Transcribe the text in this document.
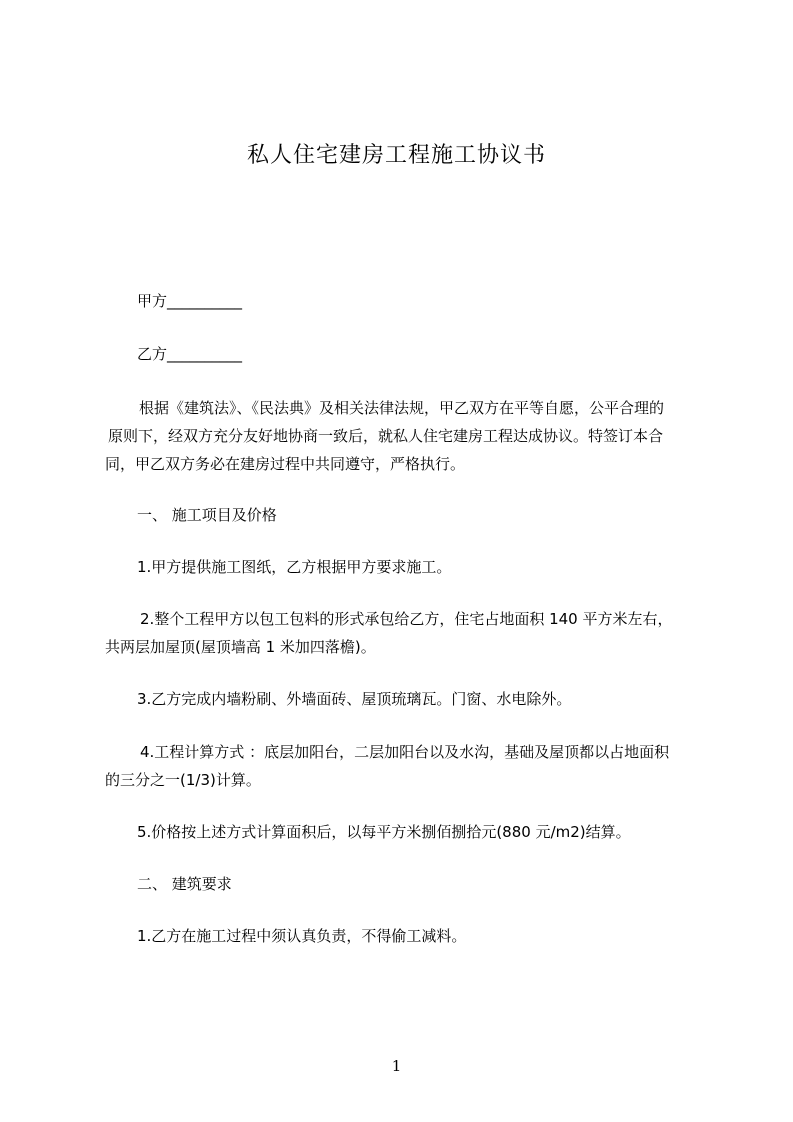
私人住宅建房工程施工协议书
甲方__________
乙方__________
根据《建筑法》、《民法典》及相关法律法规，甲乙双方在平等自愿，公平合理的
原则下，经双方充分友好地协商一致后，就私人住宅建房工程达成协议。特签订本合
同，甲乙双方务必在建房过程中共同遵守，严格执行。
一、 施工项目及价格
1.甲方提供施工图纸，乙方根据甲方要求施工。
2.整个工程甲方以包工包料的形式承包给乙方，住宅占地面积 140 平方米左右，
共两层加屋顶(屋顶墙高 1 米加四落檐)。
3.乙方完成内墙粉刷、外墙面砖、屋顶琉璃瓦。门窗、水电除外。
4.工程计算方式 ：底层加阳台，二层加阳台以及水沟，基础及屋顶都以占地面积
的三分之一(1/3)计算。
5.价格按上述方式计算面积后，以每平方米捌佰捌拾元(880 元/m2)结算。
二、 建筑要求
1.乙方在施工过程中须认真负责，不得偷工减料。
1
